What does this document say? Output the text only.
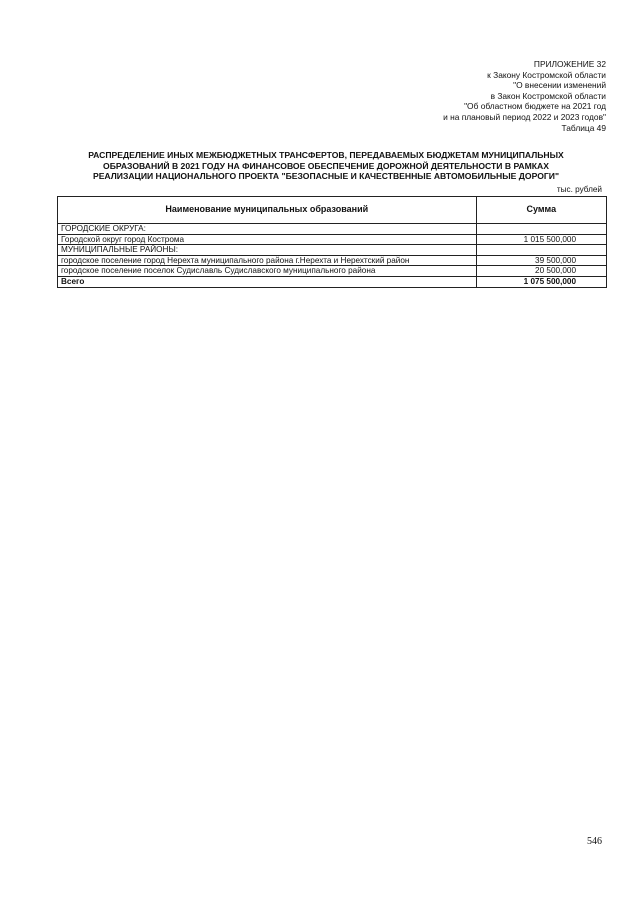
ПРИЛОЖЕНИЕ 32
к Закону Костромской области
"О внесении изменений
в Закон Костромской области
"Об областном бюджете на 2021 год
и на плановый период 2022 и 2023 годов"
Таблица 49
РАСПРЕДЕЛЕНИЕ ИНЫХ МЕЖБЮДЖЕТНЫХ ТРАНСФЕРТОВ, ПЕРЕДАВАЕМЫХ БЮДЖЕТАМ МУНИЦИПАЛЬНЫХ
ОБРАЗОВАНИЙ В 2021 ГОДУ НА ФИНАНСОВОЕ ОБЕСПЕЧЕНИЕ ДОРОЖНОЙ ДЕЯТЕЛЬНОСТИ В РАМКАХ
РЕАЛИЗАЦИИ НАЦИОНАЛЬНОГО ПРОЕКТА "БЕЗОПАСНЫЕ И КАЧЕСТВЕННЫЕ АВТОМОБИЛЬНЫЕ ДОРОГИ"
тыс. рублей
Наименование муниципальных образований	Сумма
ГОРОДСКИЕ ОКРУГА:	
Городской округ город Кострома	1 015 500,000
МУНИЦИПАЛЬНЫЕ РАЙОНЫ:	
городское поселение город Нерехта муниципального района г.Нерехта и Нерехтский район	39 500,000
городское поселение поселок Судиславль Судиславского муниципального района	20 500,000
Всего	1 075 500,000
546
